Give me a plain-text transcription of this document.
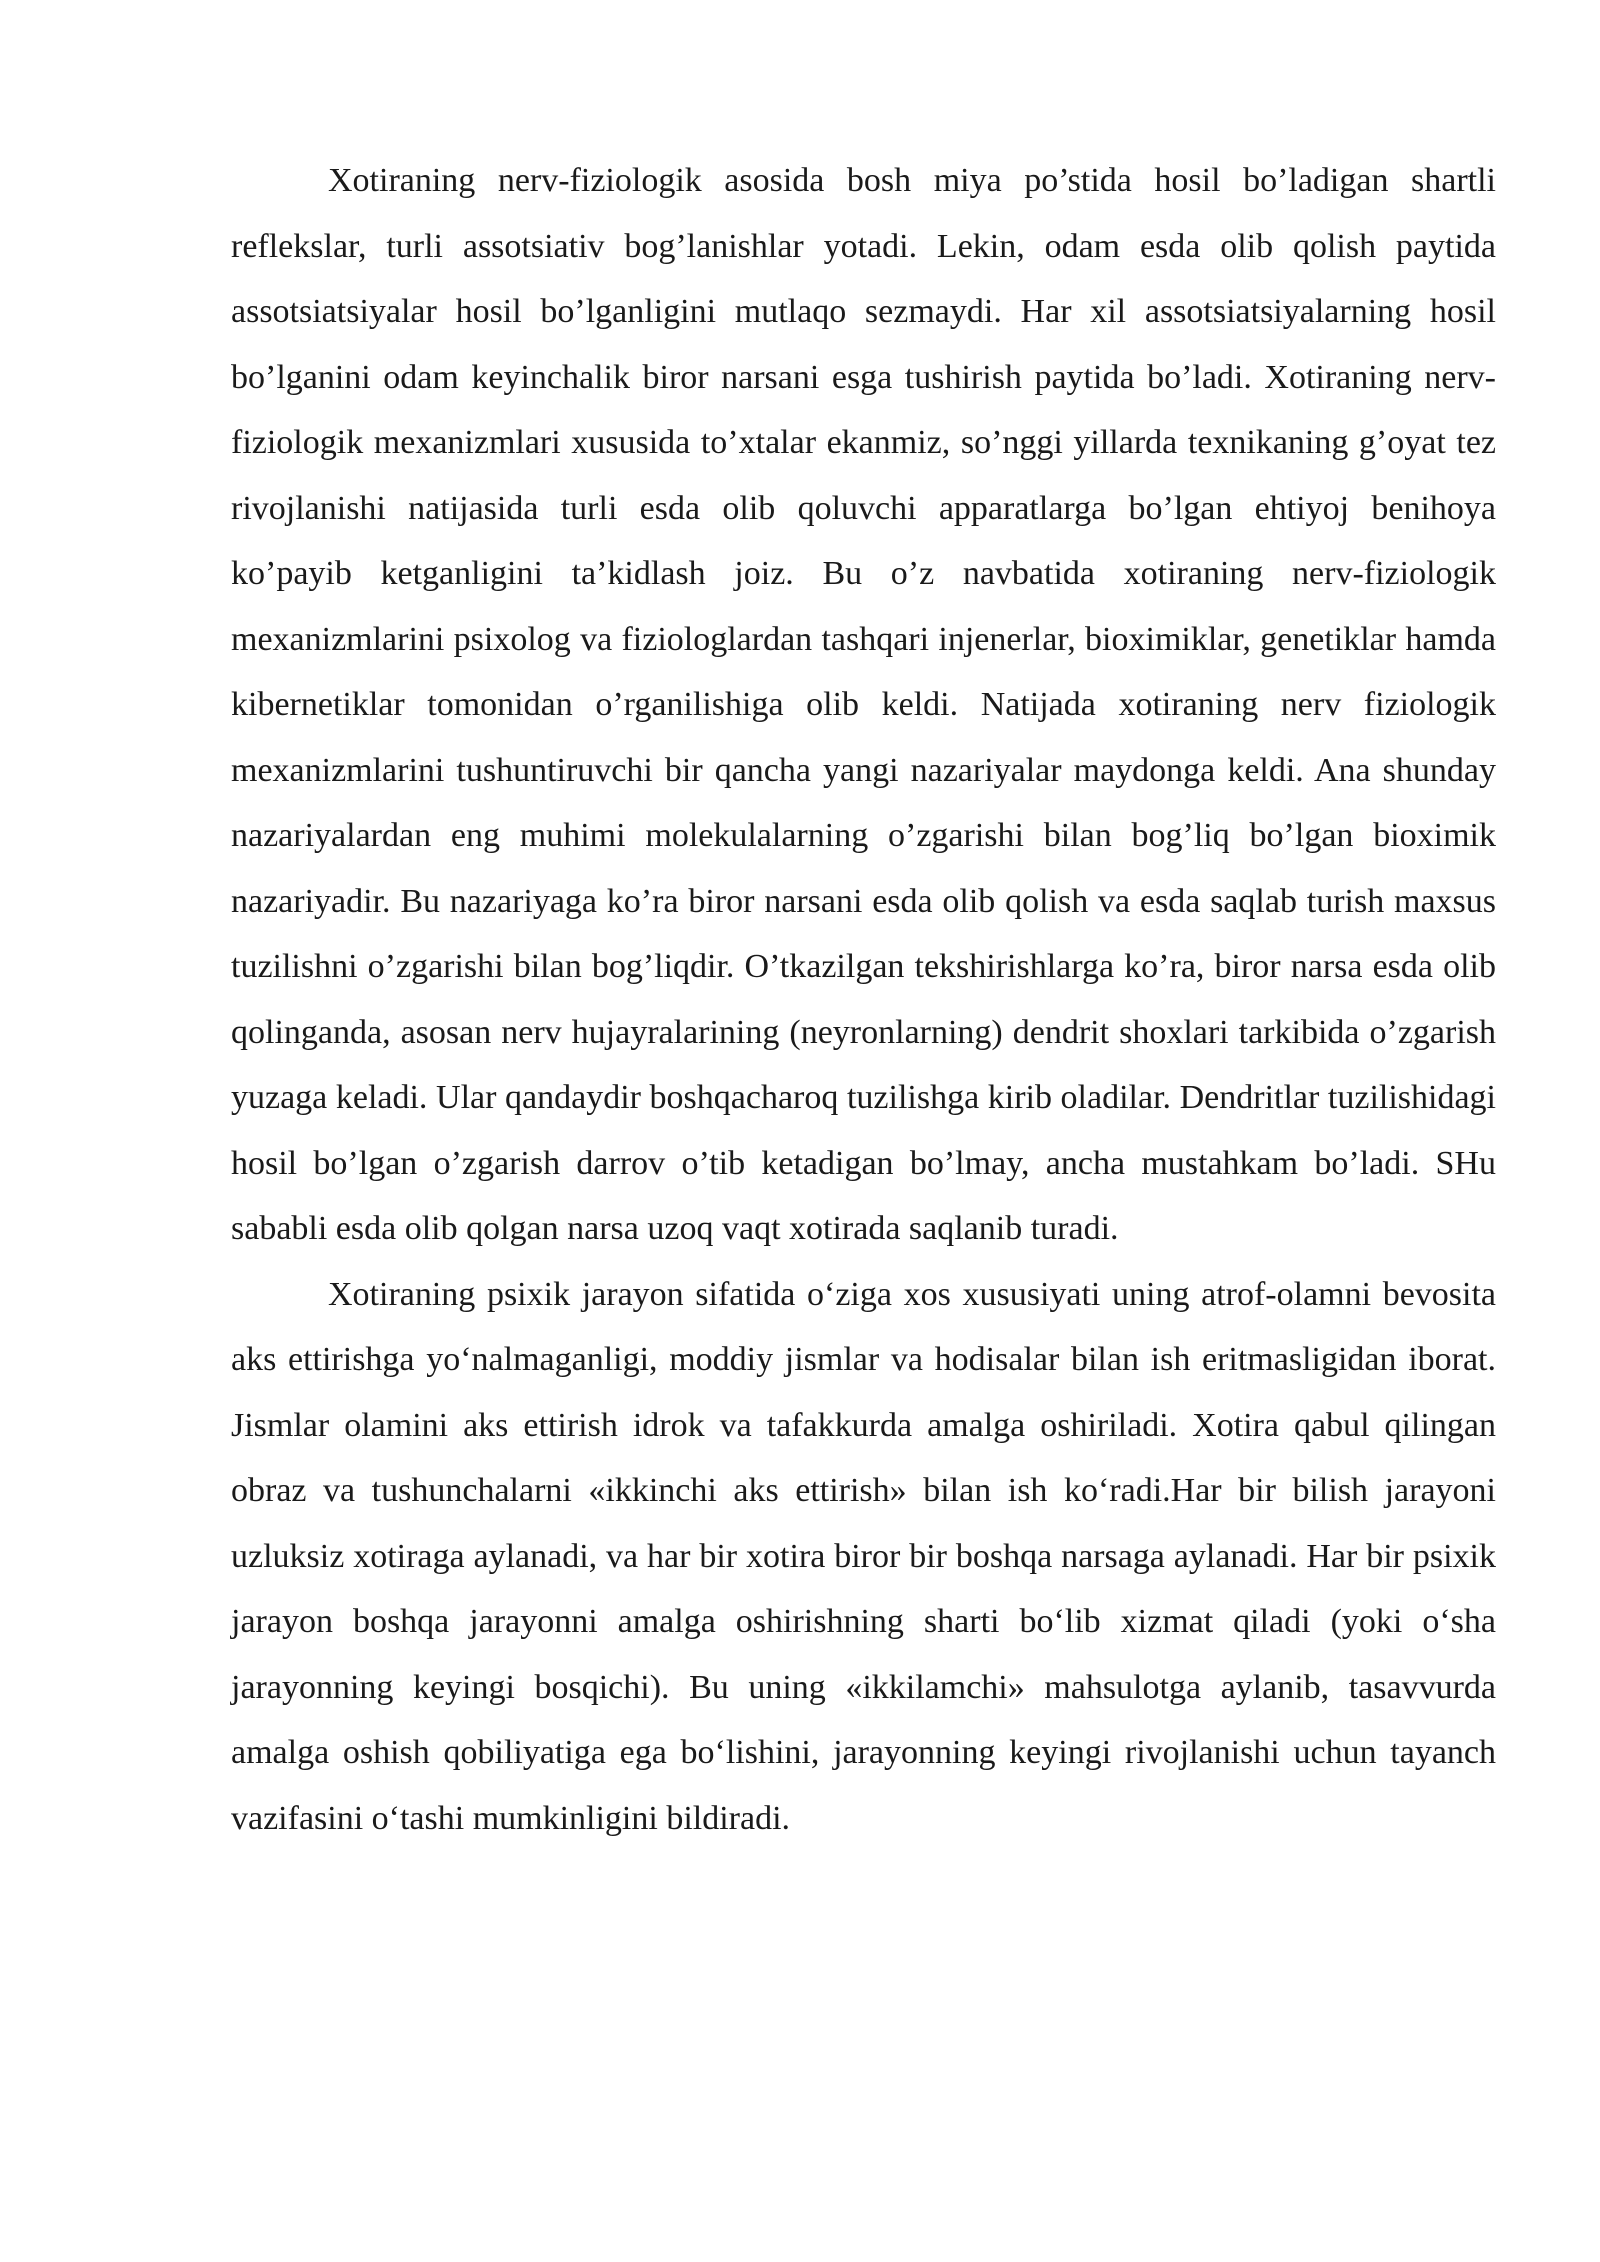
Xotiraning nerv-fiziologik asosida bosh miya po’stida hosil bo’ladigan shartli reflekslar, turli assotsiativ bog’lanishlar yotadi. Lekin, odam esda olib qolish paytida assotsiatsiyalar hosil bo’lganligini mutlaqo sezmaydi. Har xil assotsiatsiyalarning hosil bo’lganini odam keyinchalik biror narsani esga tushirish paytida bo’ladi. Xotiraning nerv-fiziologik mexanizmlari xususida to’xtalar ekanmiz, so’nggi yillarda texnikaning g’oyat tez rivojlanishi natijasida turli esda olib qoluvchi apparatlarga bo’lgan ehtiyoj benihoya ko’payib ketganligini ta’kidlash joiz. Bu o’z navbatida xotiraning nerv-fiziologik mexanizmlarini psixolog va fiziologlardan tashqari injenerlar, bioximiklar, genetiklar hamda kibernetiklar tomonidan o’rganilishiga olib keldi. Natijada xotiraning nerv fiziologik mexanizmlarini tushuntiruvchi bir qancha yangi nazariyalar maydonga keldi. Ana shunday nazariyalardan eng muhimi molekulalarning o’zgarishi bilan bog’liq bo’lgan bioximik nazariyadir. Bu nazariyaga ko’ra biror narsani esda olib qolish va esda saqlab turish maxsus tuzilishni o’zgarishi bilan bog’liqdir. O’tkazilgan tekshirishlarga ko’ra, biror narsa esda olib qolinganda, asosan nerv hujayralarining (neyronlarning) dendrit shoxlari tarkibida o’zgarish yuzaga keladi. Ular qandaydir boshqacharoq tuzilishga kirib oladilar. Dendritlar tuzilishidagi hosil bo’lgan o’zgarish darrov o’tib ketadigan bo’lmay, ancha mustahkam bo’ladi. SHu sababli esda olib qolgan narsa uzoq vaqt xotirada saqlanib turadi.

Xotiraning psixik jarayon sifatida o‘ziga xos xususiyati uning atrof-olamni bevosita aks ettirishga yo‘nalmaganligi, moddiy jismlar va hodisalar bilan ish eritmasligidan iborat. Jismlar olamini aks ettirish idrok va tafakkurda amalga oshiriladi. Xotira qabul qilingan obraz va tushunchalarni «ikkinchi aks ettirish» bilan ish ko‘radi.Har bir bilish jarayoni uzluksiz xotiraga aylanadi, va har bir xotira biror bir boshqa narsaga aylanadi. Har bir psixik jarayon boshqa jarayonni amalga oshirishning sharti bo‘lib xizmat qiladi (yoki o‘sha jarayonning keyingi bosqichi). Bu uning «ikkilamchi» mahsulotga aylanib, tasavvurda amalga oshish qobiliyatiga ega bo‘lishini, jarayonning keyingi rivojlanishi uchun tayanch vazifasini o‘tashi mumkinligini bildiradi.
